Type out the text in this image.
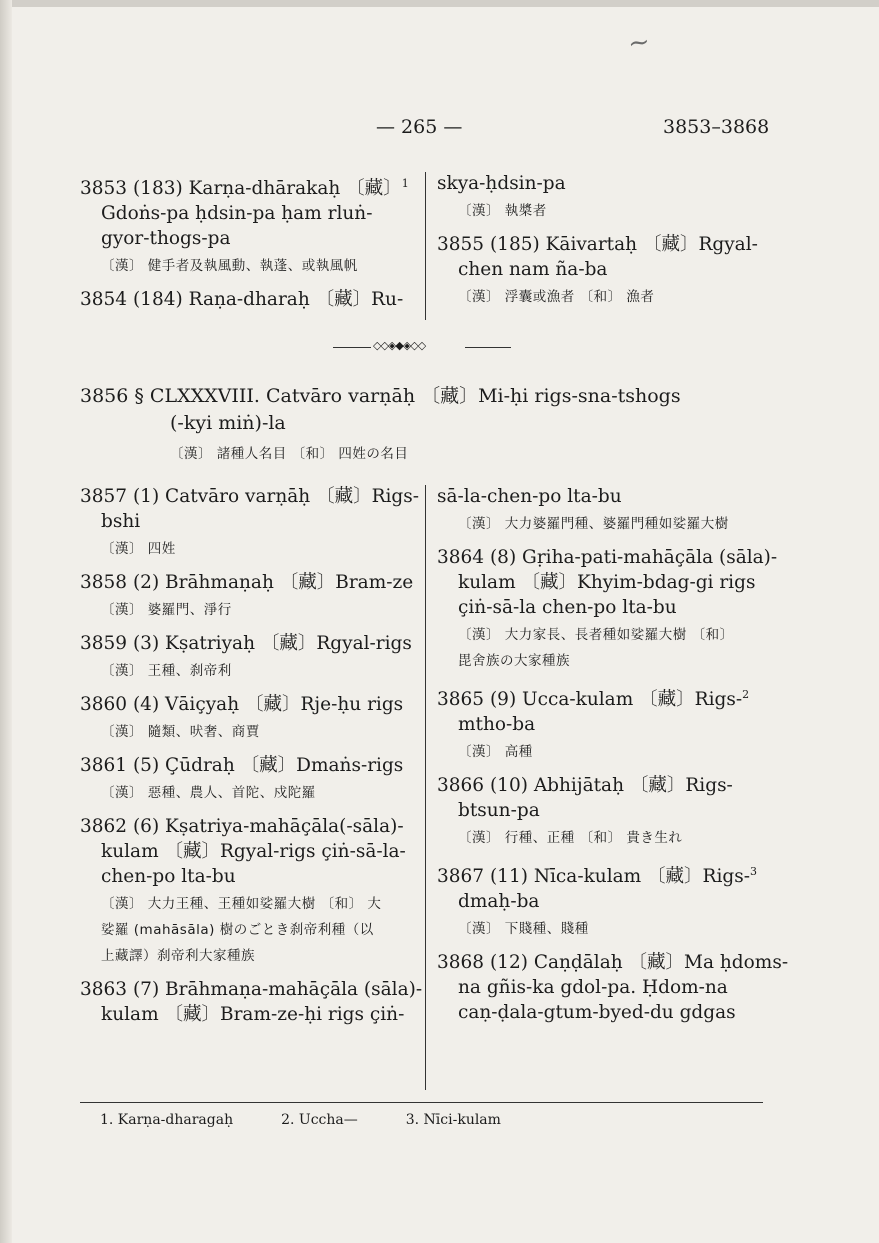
~
— 265 —	3853–3868
3853 (183) Karṇa-dhārakaḥ 〔藏〕$^1$
Gdoṅs-pa ḥdsin-pa ḥam rluṅ-
gyor-thogs-pa
〔漢〕 健手者及執風動、執蓬、或執風帆
3854 (184) Raṇa-dharaḥ 〔藏〕Ru-
skya-ḥdsin-pa
〔漢〕 執槳者
3855 (185) Kāivartaḥ 〔藏〕Rgyal-
chen nam ña-ba
〔漢〕 浮囊或漁者 〔和〕 漁者
◇◇◈◆◈◇◇
3856 § CLXXXVIII. Catvāro varṇāḥ 〔藏〕Mi-ḥi rigs-sna-tshogs
(-kyi miṅ)-la
〔漢〕 諸種人名目 〔和〕 四姓の名目
3857 (1) Catvāro varṇāḥ 〔藏〕Rigs-
bshi
〔漢〕 四姓
3858 (2) Brāhmaṇaḥ 〔藏〕Bram-ze
〔漢〕 婆羅門、淨行
3859 (3) Kṣatriyaḥ 〔藏〕Rgyal-rigs
〔漢〕 王種、刹帝利
3860 (4) Vāiçyaḥ 〔藏〕Rje-ḥu rigs
〔漢〕 隨類、吠奢、商賈
3861 (5) Çūdraḥ 〔藏〕Dmaṅs-rigs
〔漢〕 惡種、農人、首陀、戍陀羅
3862 (6) Kṣatriya-mahāçāla(-sāla)-
kulam 〔藏〕Rgyal-rigs çiṅ-sā-la-
chen-po lta-bu
〔漢〕 大力王種、王種如娑羅大樹 〔和〕 大
娑羅 (mahāsāla) 樹のごとき刹帝利種（以
上藏譯）刹帝利大家種族
3863 (7) Brāhmaṇa-mahāçāla (sāla)-
kulam 〔藏〕Bram-ze-ḥi rigs çiṅ-
sā-la-chen-po lta-bu
〔漢〕 大力婆羅門種、婆羅門種如娑羅大樹
3864 (8) Gṛiha-pati-mahāçāla (sāla)-
kulam 〔藏〕Khyim-bdag-gi rigs
çiṅ-sā-la chen-po lta-bu
〔漢〕 大力家長、長者種如娑羅大樹 〔和〕
毘舍族の大家種族
3865 (9) Ucca-kulam 〔藏〕Rigs-$^2$
mtho-ba
〔漢〕 高種
3866 (10) Abhijātaḥ 〔藏〕Rigs-
btsun-pa
〔漢〕 行種、正種 〔和〕 貴き生れ
3867 (11) Nīca-kulam 〔藏〕Rigs-$^3$
dmaḥ-ba
〔漢〕 下賤種、賤種
3868 (12) Caṇḍālaḥ 〔藏〕Ma ḥdoms-
na gñis-ka gdol-pa. Ḥdom-na
caṇ-ḍala-gtum-byed-du gdgas
1. Karṇa-dharagaḥ	2. Uccha—	3. Nīci-kulam
